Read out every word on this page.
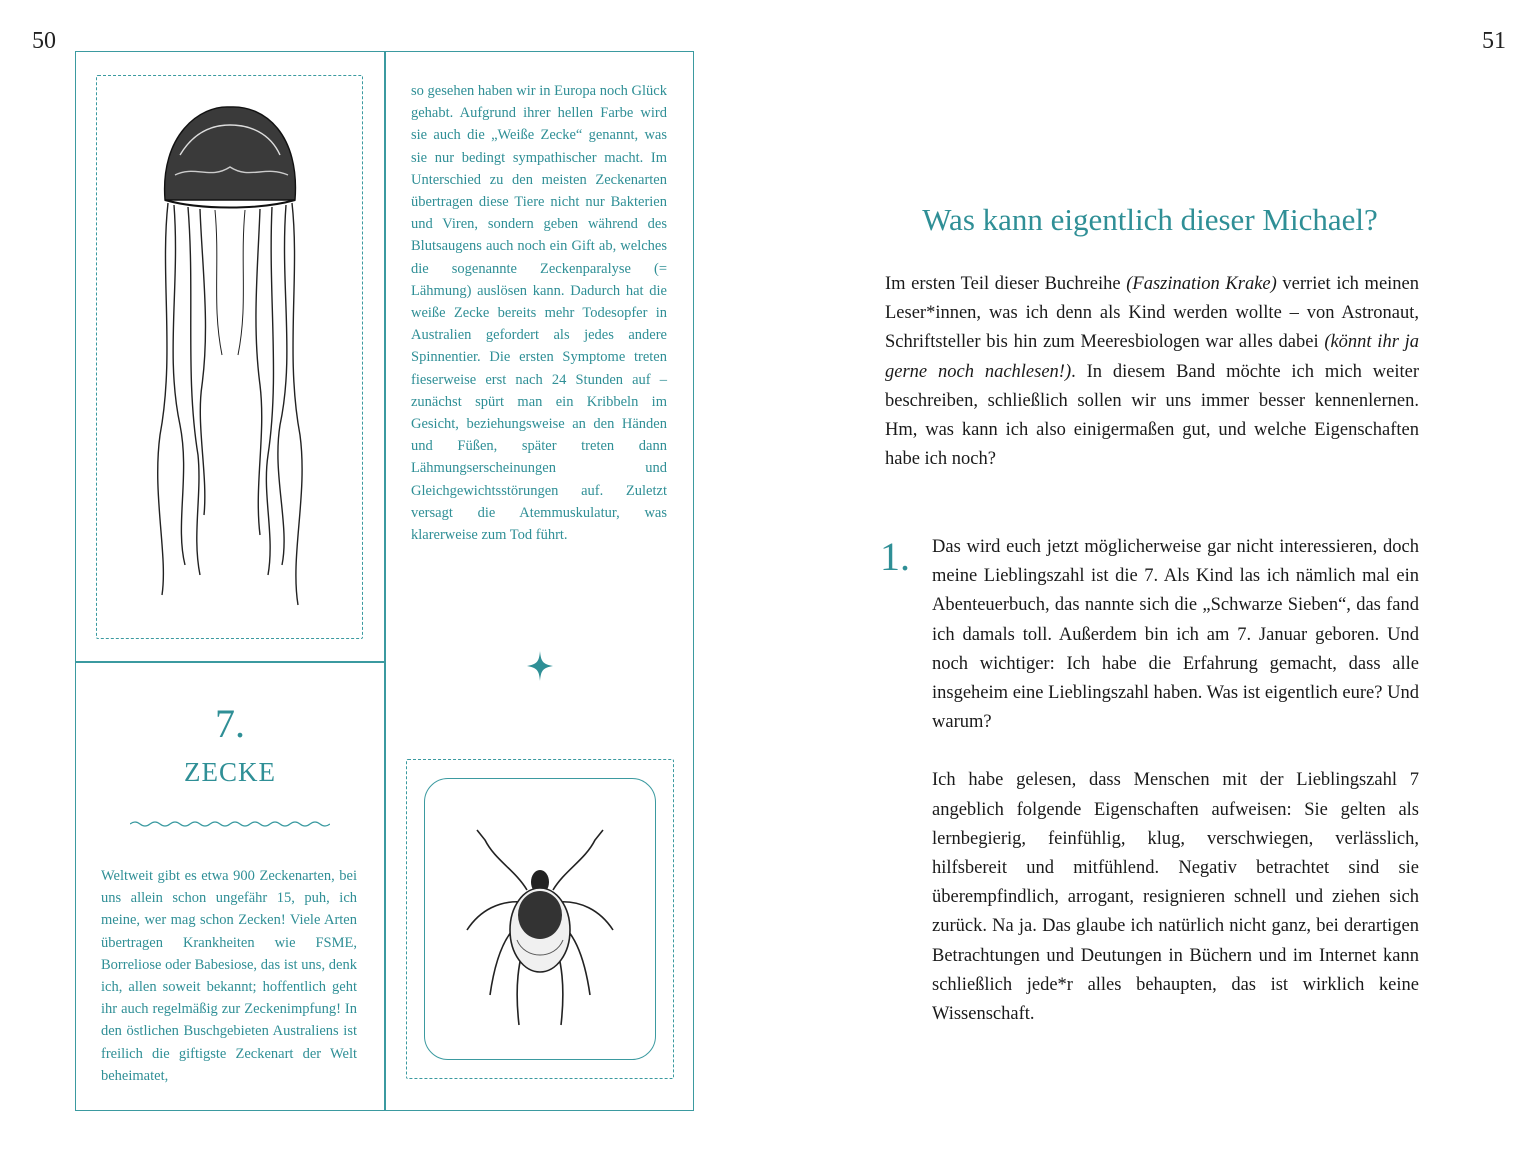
50

so gesehen haben wir in Europa noch Glück gehabt. Aufgrund ihrer hellen Farbe wird sie auch die „Weiße Zecke“ genannt, was sie nur bedingt sympathischer macht. Im Unterschied zu den meisten Zeckenarten übertragen diese Tiere nicht nur Bakterien und Viren, sondern geben während des Blutsaugens auch noch ein Gift ab, welches die sogenannte Zeckenparalyse (= Lähmung) auslösen kann. Dadurch hat die weiße Zecke bereits mehr Todesopfer in Australien gefordert als jedes andere Spinnentier. Die ersten Symptome treten fieserweise erst nach 24 Stunden auf – zunächst spürt man ein Kribbeln im Gesicht, beziehungsweise an den Händen und Füßen, später treten dann Lähmungserscheinungen und Gleichgewichtsstörungen auf. Zuletzt versagt die Atemmuskulatur, was klarerweise zum Tod führt.

7.
ZECKE

Weltweit gibt es etwa 900 Zeckenarten, bei uns allein schon ungefähr 15, puh, ich meine, wer mag schon Zecken! Viele Arten übertragen Krankheiten wie FSME, Borreliose oder Babesiose, das ist uns, denk ich, allen soweit bekannt; hoffentlich geht ihr auch regelmäßig zur Zeckenimpfung! In den östlichen Buschgebieten Australiens ist freilich die giftigste Zeckenart der Welt beheimatet,

51
Was kann eigentlich dieser Michael?

Im ersten Teil dieser Buchreihe (Faszination Krake) verriet ich meinen Leser*innen, was ich denn als Kind werden wollte – von Astronaut, Schriftsteller bis hin zum Meeresbiologen war alles dabei (könnt ihr ja gerne noch nachlesen!). In diesem Band möchte ich mich weiter beschreiben, schließlich sollen wir uns immer besser kennenlernen. Hm, was kann ich also einigermaßen gut, und welche Eigenschaften habe ich noch?

1. Das wird euch jetzt möglicherweise gar nicht interessieren, doch meine Lieblingszahl ist die 7. Als Kind las ich nämlich mal ein Abenteuerbuch, das nannte sich die „Schwarze Sieben“, das fand ich damals toll. Außerdem bin ich am 7. Januar geboren. Und noch wichtiger: Ich habe die Erfahrung gemacht, dass alle insgeheim eine Lieblingszahl haben. Was ist eigentlich eure? Und warum?

Ich habe gelesen, dass Menschen mit der Lieblingszahl 7 angeblich folgende Eigenschaften aufweisen: Sie gelten als lernbegierig, feinfühlig, klug, verschwiegen, verlässlich, hilfsbereit und mitfühlend. Negativ betrachtet sind sie überempfindlich, arrogant, resignieren schnell und ziehen sich zurück. Na ja. Das glaube ich natürlich nicht ganz, bei derartigen Betrachtungen und Deutungen in Büchern und im Internet kann schließlich jede*r alles behaupten, das ist wirklich keine Wissenschaft.
